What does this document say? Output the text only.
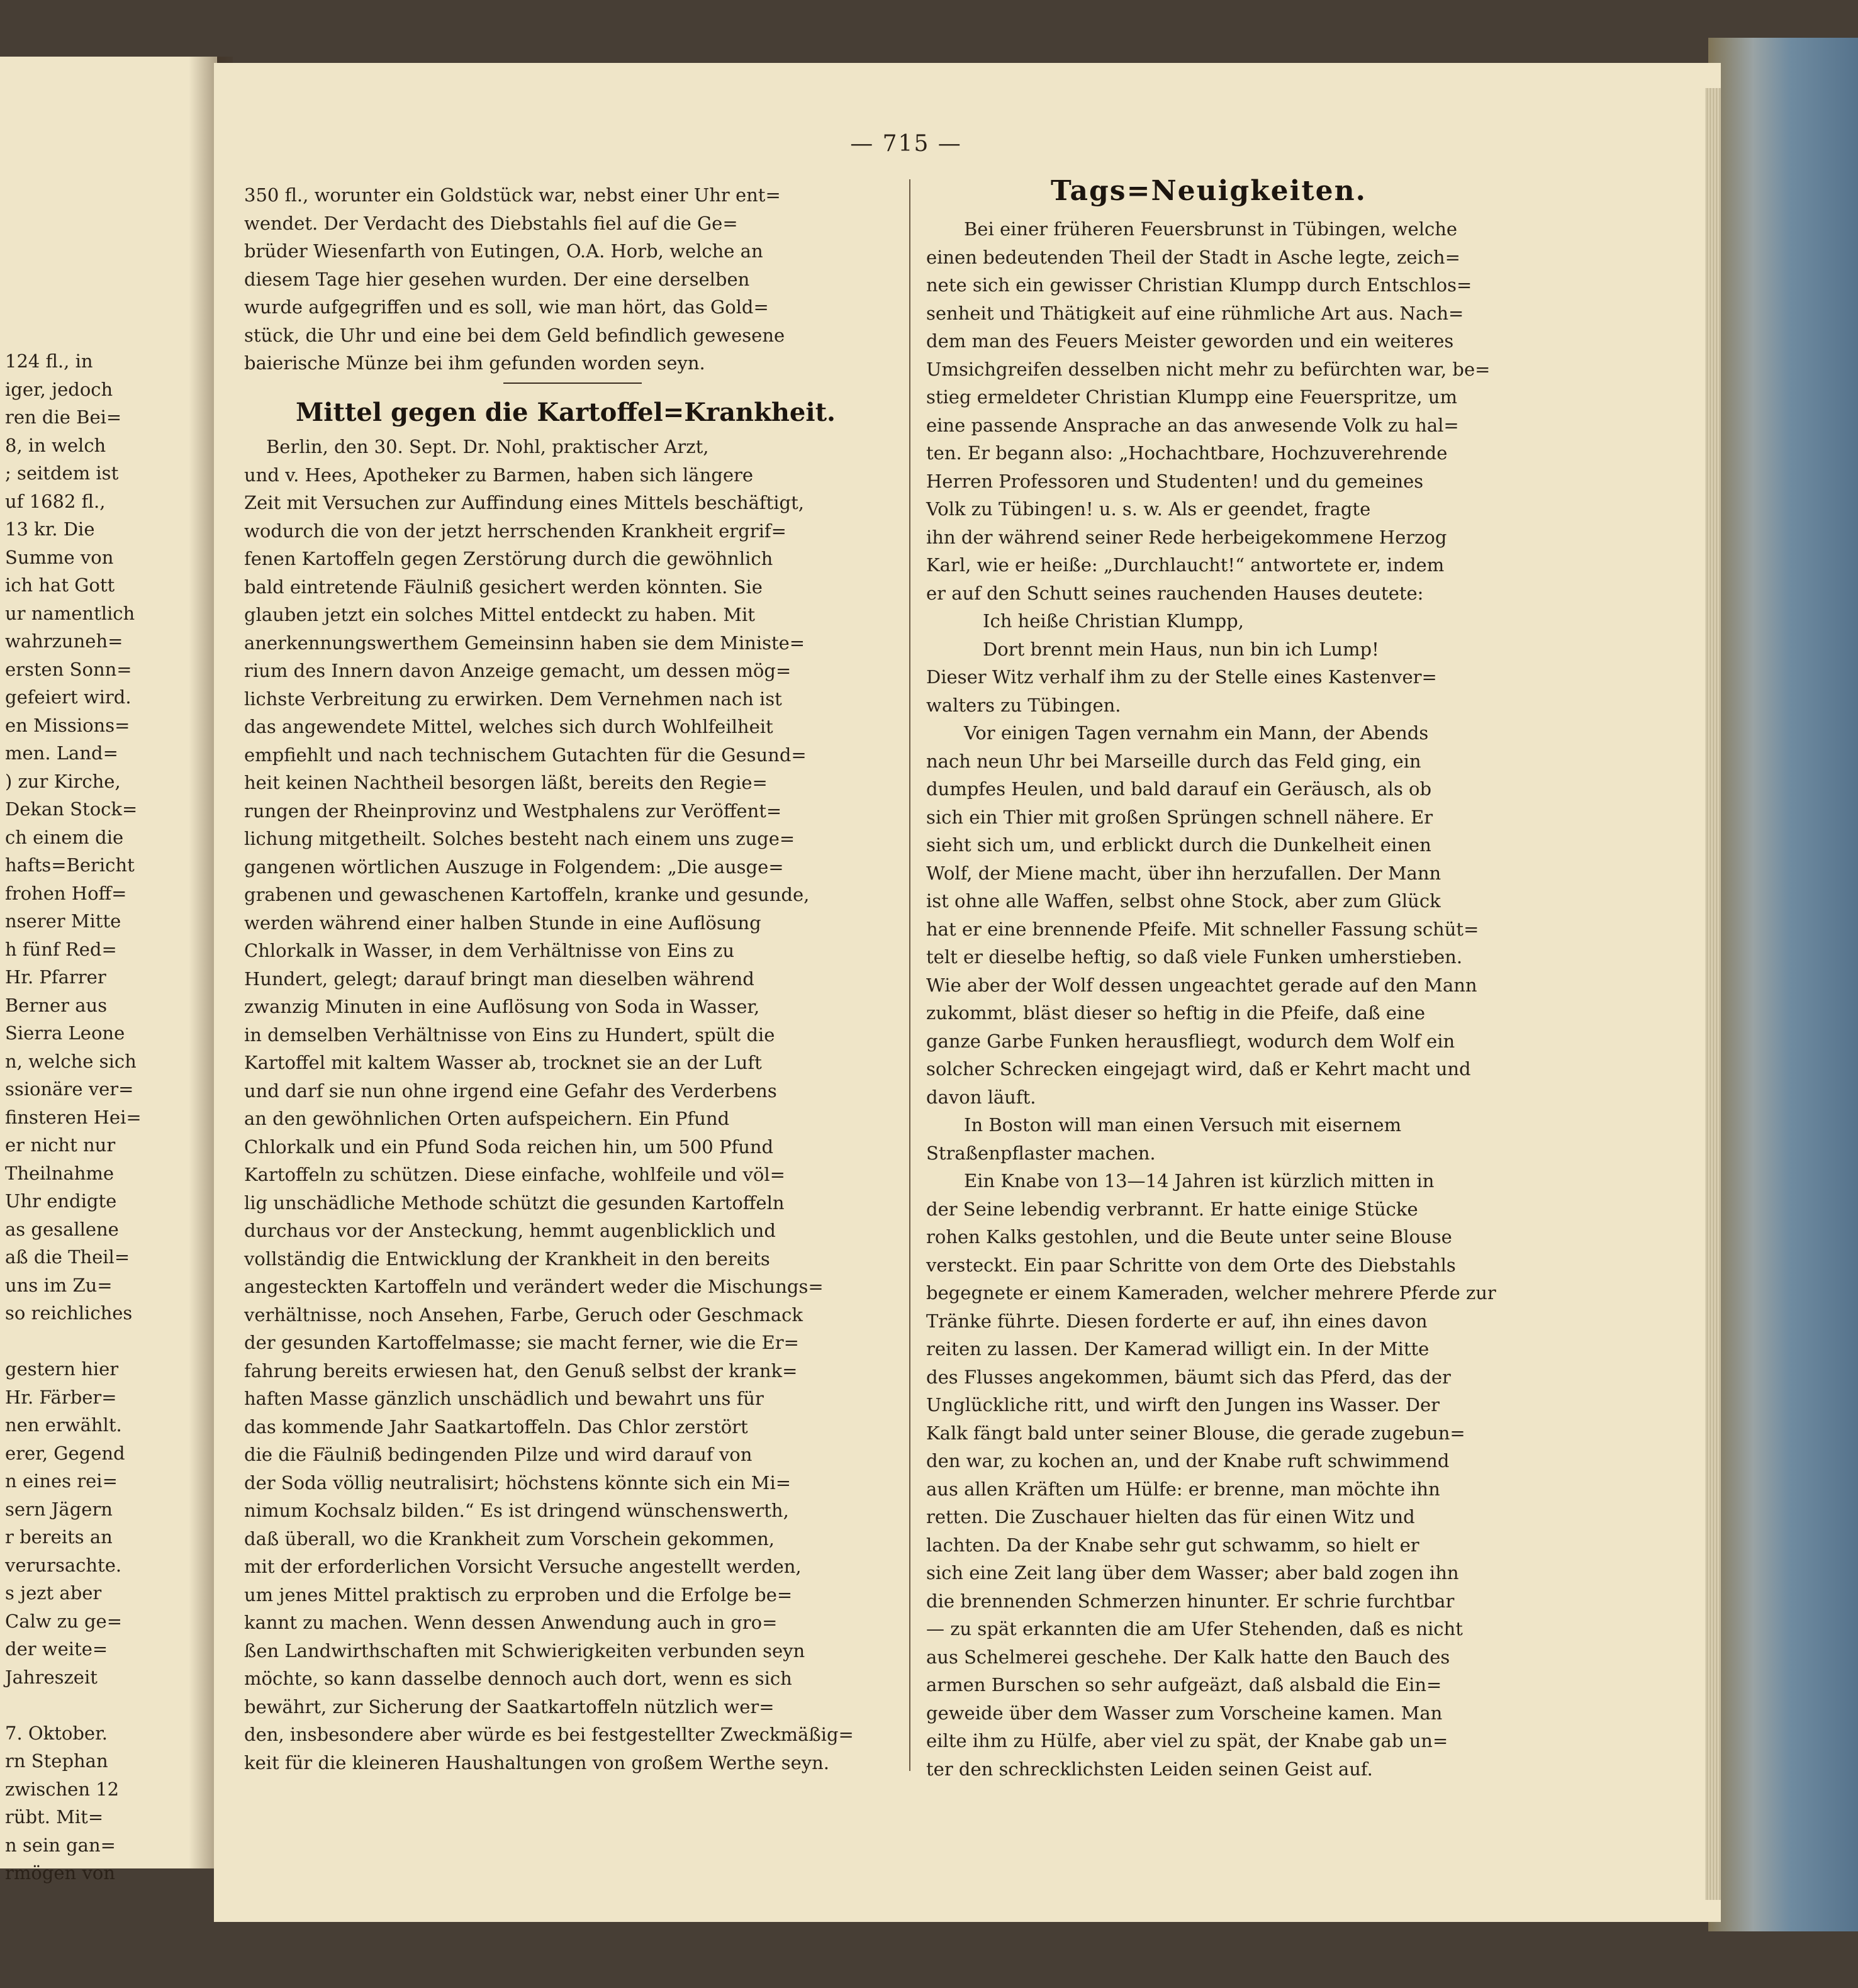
124 fl., in
iger, jedoch
ren die Bei=
8, in welch
; seitdem ist
uf 1682 fl.,
13 kr. Die
Summe von
ich hat Gott
ur namentlich
wahrzuneh=
ersten Sonn=
gefeiert wird.
en Missions=
men. Land=
) zur Kirche,
Dekan Stock=
ch einem die
hafts=Bericht
frohen Hoff=
nserer Mitte
h fünf Red=
Hr. Pfarrer
Berner aus
Sierra Leone
n, welche sich
ssionäre ver=
finsteren Hei=
er nicht nur
Theilnahme
Uhr endigte
as gesallene
aß die Theil=
uns im Zu=
so reichliches
gestern hier
Hr. Färber=
nen erwählt.
erer, Gegend
n eines rei=
sern Jägern
r bereits an
verursachte.
s jezt aber
Calw zu ge=
der weite=
Jahreszeit
7. Oktober.
rn Stephan
zwischen 12
rübt. Mit=
n sein gan=
rmögen von
— 715 —
350 fl., worunter ein Goldstück war, nebst einer Uhr ent=
wendet. Der Verdacht des Diebstahls fiel auf die Ge=
brüder Wiesenfarth von Eutingen, O.A. Horb, welche an
diesem Tage hier gesehen wurden. Der eine derselben
wurde aufgegriffen und es soll, wie man hört, das Gold=
stück, die Uhr und eine bei dem Geld befindlich gewesene
baierische Münze bei ihm gefunden worden seyn.
Mittel gegen die Kartoffel=Krankheit.
Berlin, den 30. Sept. Dr. Nohl, praktischer Arzt,
und v. Hees, Apotheker zu Barmen, haben sich längere
Zeit mit Versuchen zur Auffindung eines Mittels beschäftigt,
wodurch die von der jetzt herrschenden Krankheit ergrif=
fenen Kartoffeln gegen Zerstörung durch die gewöhnlich
bald eintretende Fäulniß gesichert werden könnten. Sie
glauben jetzt ein solches Mittel entdeckt zu haben. Mit
anerkennungswerthem Gemeinsinn haben sie dem Ministe=
rium des Innern davon Anzeige gemacht, um dessen mög=
lichste Verbreitung zu erwirken. Dem Vernehmen nach ist
das angewendete Mittel, welches sich durch Wohlfeilheit
empfiehlt und nach technischem Gutachten für die Gesund=
heit keinen Nachtheil besorgen läßt, bereits den Regie=
rungen der Rheinprovinz und Westphalens zur Veröffent=
lichung mitgetheilt. Solches besteht nach einem uns zuge=
gangenen wörtlichen Auszuge in Folgendem: „Die ausge=
grabenen und gewaschenen Kartoffeln, kranke und gesunde,
werden während einer halben Stunde in eine Auflösung
Chlorkalk in Wasser, in dem Verhältnisse von Eins zu
Hundert, gelegt; darauf bringt man dieselben während
zwanzig Minuten in eine Auflösung von Soda in Wasser,
in demselben Verhältnisse von Eins zu Hundert, spült die
Kartoffel mit kaltem Wasser ab, trocknet sie an der Luft
und darf sie nun ohne irgend eine Gefahr des Verderbens
an den gewöhnlichen Orten aufspeichern. Ein Pfund
Chlorkalk und ein Pfund Soda reichen hin, um 500 Pfund
Kartoffeln zu schützen. Diese einfache, wohlfeile und völ=
lig unschädliche Methode schützt die gesunden Kartoffeln
durchaus vor der Ansteckung, hemmt augenblicklich und
vollständig die Entwicklung der Krankheit in den bereits
angesteckten Kartoffeln und verändert weder die Mischungs=
verhältnisse, noch Ansehen, Farbe, Geruch oder Geschmack
der gesunden Kartoffelmasse; sie macht ferner, wie die Er=
fahrung bereits erwiesen hat, den Genuß selbst der krank=
haften Masse gänzlich unschädlich und bewahrt uns für
das kommende Jahr Saatkartoffeln. Das Chlor zerstört
die die Fäulniß bedingenden Pilze und wird darauf von
der Soda völlig neutralisirt; höchstens könnte sich ein Mi=
nimum Kochsalz bilden.“ Es ist dringend wünschenswerth,
daß überall, wo die Krankheit zum Vorschein gekommen,
mit der erforderlichen Vorsicht Versuche angestellt werden,
um jenes Mittel praktisch zu erproben und die Erfolge be=
kannt zu machen. Wenn dessen Anwendung auch in gro=
ßen Landwirthschaften mit Schwierigkeiten verbunden seyn
möchte, so kann dasselbe dennoch auch dort, wenn es sich
bewährt, zur Sicherung der Saatkartoffeln nützlich wer=
den, insbesondere aber würde es bei festgestellter Zweckmäßig=
keit für die kleineren Haushaltungen von großem Werthe seyn.
Tags=Neuigkeiten.
Bei einer früheren Feuersbrunst in Tübingen, welche
einen bedeutenden Theil der Stadt in Asche legte, zeich=
nete sich ein gewisser Christian Klumpp durch Entschlos=
senheit und Thätigkeit auf eine rühmliche Art aus. Nach=
dem man des Feuers Meister geworden und ein weiteres
Umsichgreifen desselben nicht mehr zu befürchten war, be=
stieg ermeldeter Christian Klumpp eine Feuerspritze, um
eine passende Ansprache an das anwesende Volk zu hal=
ten. Er begann also: „Hochachtbare, Hochzuverehrende
Herren Professoren und Studenten! und du gemeines
Volk zu Tübingen! u. s. w. Als er geendet, fragte
ihn der während seiner Rede herbeigekommene Herzog
Karl, wie er heiße: „Durchlaucht!“ antwortete er, indem
er auf den Schutt seines rauchenden Hauses deutete:
Ich heiße Christian Klumpp,
Dort brennt mein Haus, nun bin ich Lump!
Dieser Witz verhalf ihm zu der Stelle eines Kastenver=
walters zu Tübingen.
Vor einigen Tagen vernahm ein Mann, der Abends
nach neun Uhr bei Marseille durch das Feld ging, ein
dumpfes Heulen, und bald darauf ein Geräusch, als ob
sich ein Thier mit großen Sprüngen schnell nähere. Er
sieht sich um, und erblickt durch die Dunkelheit einen
Wolf, der Miene macht, über ihn herzufallen. Der Mann
ist ohne alle Waffen, selbst ohne Stock, aber zum Glück
hat er eine brennende Pfeife. Mit schneller Fassung schüt=
telt er dieselbe heftig, so daß viele Funken umherstieben.
Wie aber der Wolf dessen ungeachtet gerade auf den Mann
zukommt, bläst dieser so heftig in die Pfeife, daß eine
ganze Garbe Funken herausfliegt, wodurch dem Wolf ein
solcher Schrecken eingejagt wird, daß er Kehrt macht und
davon läuft.
In Boston will man einen Versuch mit eisernem
Straßenpflaster machen.
Ein Knabe von 13—14 Jahren ist kürzlich mitten in
der Seine lebendig verbrannt. Er hatte einige Stücke
rohen Kalks gestohlen, und die Beute unter seine Blouse
versteckt. Ein paar Schritte von dem Orte des Diebstahls
begegnete er einem Kameraden, welcher mehrere Pferde zur
Tränke führte. Diesen forderte er auf, ihn eines davon
reiten zu lassen. Der Kamerad willigt ein. In der Mitte
des Flusses angekommen, bäumt sich das Pferd, das der
Unglückliche ritt, und wirft den Jungen ins Wasser. Der
Kalk fängt bald unter seiner Blouse, die gerade zugebun=
den war, zu kochen an, und der Knabe ruft schwimmend
aus allen Kräften um Hülfe: er brenne, man möchte ihn
retten. Die Zuschauer hielten das für einen Witz und
lachten. Da der Knabe sehr gut schwamm, so hielt er
sich eine Zeit lang über dem Wasser; aber bald zogen ihn
die brennenden Schmerzen hinunter. Er schrie furchtbar
— zu spät erkannten die am Ufer Stehenden, daß es nicht
aus Schelmerei geschehe. Der Kalk hatte den Bauch des
armen Burschen so sehr aufgeäzt, daß alsbald die Ein=
geweide über dem Wasser zum Vorscheine kamen. Man
eilte ihm zu Hülfe, aber viel zu spät, der Knabe gab un=
ter den schrecklichsten Leiden seinen Geist auf.
